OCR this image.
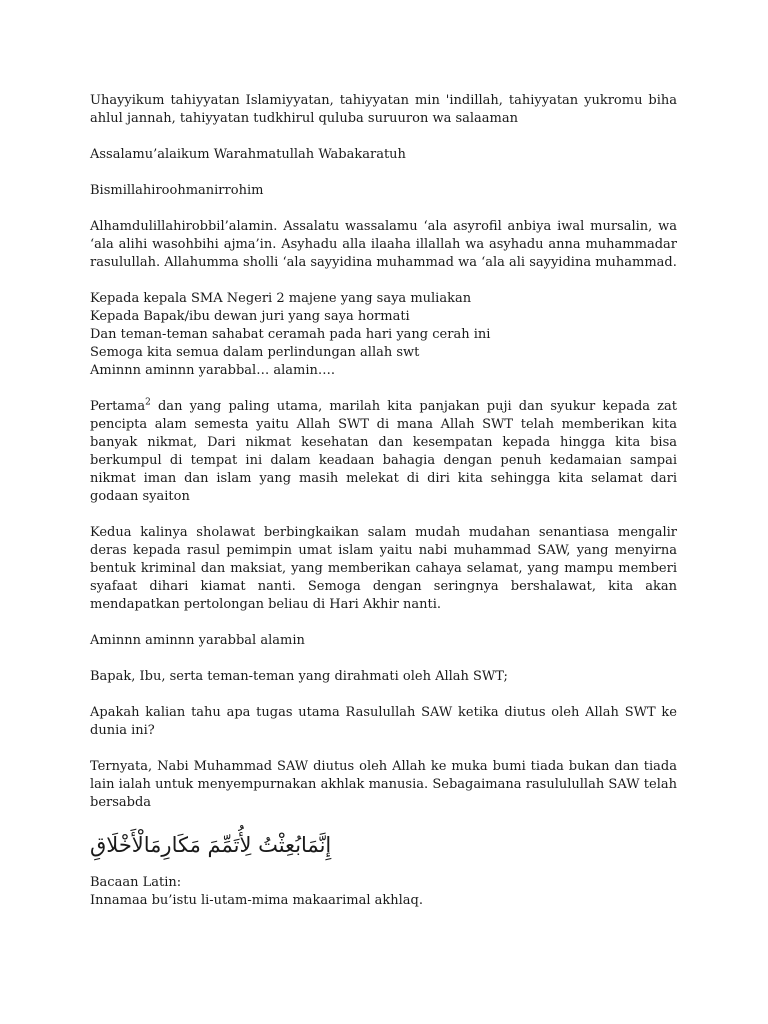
Uhayyikum tahiyyatan Islamiyyatan, tahiyyatan min 'indillah, tahiyyatan yukromu biha ahlul jannah, tahiyyatan tudkhirul quluba suruuron wa salaaman

Assalamu’alaikum Warahmatullah Wabakaratuh

Bismillahiroohmanirrohim

Alhamdulillahirobbil’alamin. Assalatu wassalamu ‘ala asyrofil anbiya iwal mursalin, wa ‘ala alihi wasohbihi ajma’in. Asyhadu alla ilaaha illallah wa asyhadu anna muhammadar rasulullah. Allahumma sholli ‘ala sayyidina muhammad wa ‘ala ali sayyidina muhammad.

Kepada kepala SMA Negeri 2 majene yang saya muliakan
Kepada Bapak/ibu dewan juri yang saya hormati
Dan teman-teman sahabat ceramah pada hari yang cerah ini
Semoga kita semua dalam perlindungan allah swt
Aminnn aminnn yarabbal… alamin….

Pertama$^2$ dan yang paling utama, marilah kita panjakan puji dan syukur kepada zat pencipta alam semesta yaitu Allah SWT di mana Allah SWT telah memberikan kita banyak nikmat, Dari nikmat kesehatan dan kesempatan kepada hingga kita bisa berkumpul di tempat ini dalam keadaan bahagia dengan penuh kedamaian sampai nikmat iman dan islam yang masih melekat di diri kita sehingga kita selamat dari godaan syaiton

Kedua kalinya sholawat berbingkaikan salam mudah mudahan senantiasa mengalir deras kepada rasul pemimpin umat islam yaitu nabi muhammad SAW, yang menyirna bentuk kriminal dan maksiat, yang memberikan cahaya selamat, yang mampu memberi syafaat dihari kiamat nanti. Semoga dengan seringnya bershalawat, kita akan mendapatkan pertolongan beliau di Hari Akhir nanti.

Aminnn aminnn yarabbal alamin

Bapak, Ibu, serta teman-teman yang dirahmati oleh Allah SWT;

Apakah kalian tahu apa tugas utama Rasulullah SAW ketika diutus oleh Allah SWT ke dunia ini?

Ternyata, Nabi Muhammad SAW diutus oleh Allah ke muka bumi tiada bukan dan tiada lain ialah untuk menyempurnakan akhlak manusia. Sebagaimana rasululullah SAW telah bersabda

إِنَّمَابُعِثْتُ لِأُتَمِّمَ مَكَارِمَالْأَخْلَاقِ
Bacaan Latin:
Innamaa bu’istu li-utam-mima makaarimal akhlaq.
